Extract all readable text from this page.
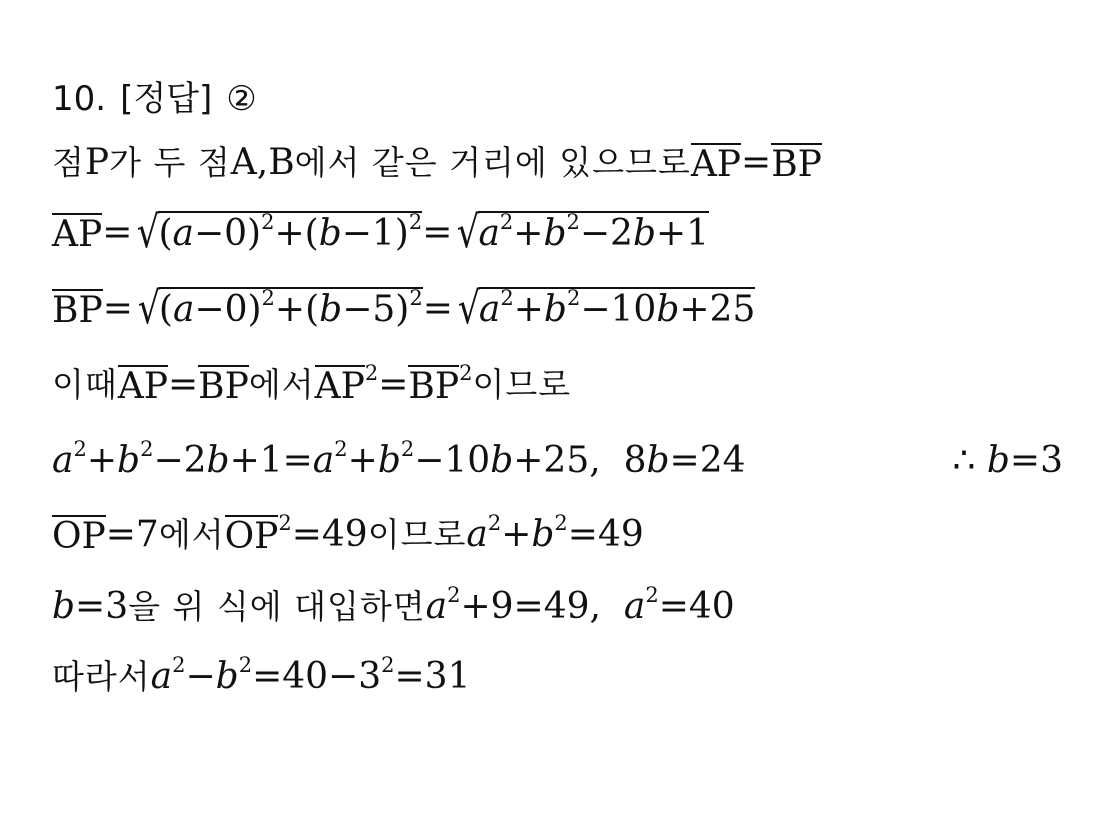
10. [정답] ②
점 P 가 두 점 A , B 에서 같은 거리에 있으므로 AP = BP
AP = √
$(a-0)^2+(b-1)^2$ = √
$a^2+b^2-2b+1$
BP = √
$(a-0)^2+(b-5)^2$ = √
$a^2+b^2-10b+25$
이때 AP = BP 에서 AP $^2$ = BP $^2$ 이므로
$a^2+b^2-2b+1=a^2+b^2-10b+25$,  8b=24	∴ b=3
OP =7 에서 OP $^2$ =49 이므로 $a^2+b^2=49$
b=3 을 위 식에 대입하면 $a^2+9=49$,  $a^2=40$
따라서 $a^2-b^2=40-3^2=31$
